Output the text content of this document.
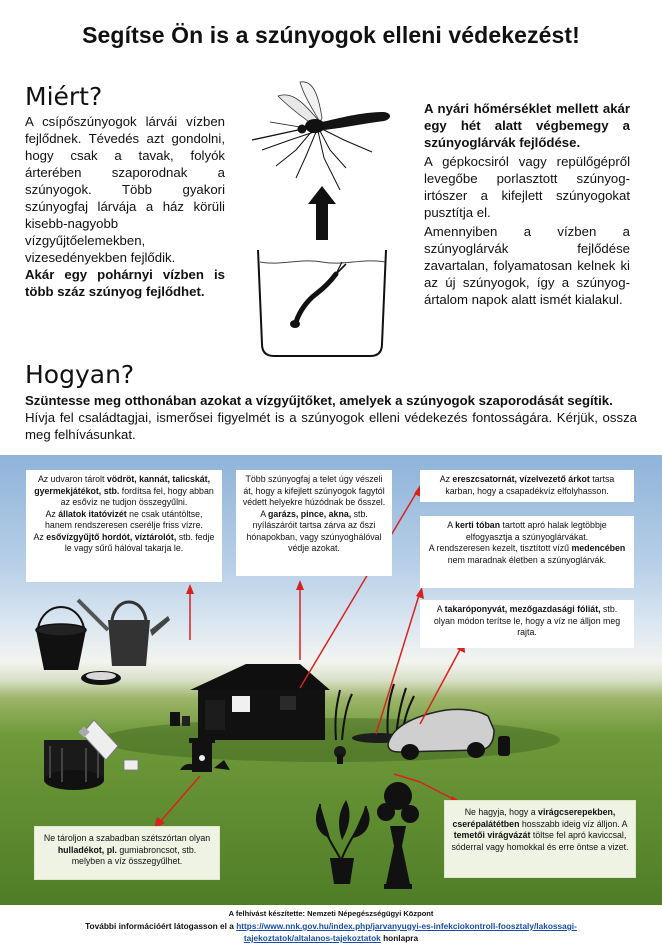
Segítse Ön is a szúnyogok elleni védekezést!
Miért?

A csípőszúnyogok lárvái vízben fejlődnek. Tévedés azt gondolni, hogy csak a tavak, folyók árterében szaporodnak a szúnyogok. Több gyakori szúnyogfaj lárvája a ház körüli kisebb-nagyobb vízgyűjtőelemekben, vizesedényekben fejlődik.

Akár egy pohárnyi vízben is több száz szúnyog fejlődhet.

A nyári hőmérséklet mellett akár egy hét alatt végbemegy a szúnyoglárvák fejlődése.

A gépkocsiról vagy repülőgépről levegőbe porlasztott szúnyog-irtószer a kifejlett szúnyogokat pusztítja el.

Amennyiben a vízben a szúnyoglárvák fejlődése zavartalan, folyamatosan kelnek ki az új szúnyogok, így a szúnyog-ártalom napok alatt ismét kialakul.

Hogyan?

Szüntesse meg otthonában azokat a vízgyűjtőket, amelyek a szúnyogok szaporodását segítik.

Hívja fel családtagjai, ismerősei figyelmét is a szúnyogok elleni védekezés fontosságára. Kérjük, ossza meg felhívásunkat.

Az udvaron tárolt vödröt, kannát, talicskát, gyermekjátékot, stb. fordítsa fel, hogy abban az esővíz ne tudjon összegyűlni.

Az állatok itatóvizét ne csak utántöltse, hanem rendszeresen cserélje friss vízre.

Az esővízgyűjtő hordót, víztárolót, stb. fedje le vagy sűrű hálóval takarja le.

Több szúnyogfaj a telet úgy vészeli át, hogy a kifejlett szúnyogok fagytól védett helyekre húzódnak be ősszel. A garázs, pince, akna, stb. nyílászáróit tartsa zárva az őszi hónapokban, vagy szúnyoghálóval védje azokat.

Az ereszcsatornát, vízelvezető árkot tartsa karban, hogy a csapadékvíz elfolyhasson.

A kerti tóban tartott apró halak legtöbbje elfogyasztja a szúnyoglárvákat.

A rendszeresen kezelt, tisztított vízű medencében nem maradnak életben a szúnyoglárvák.

A takaróponyvát, mezőgazdasági fóliát, stb. olyan módon terítse le, hogy a víz ne álljon meg rajta.

Ne tároljon a szabadban szétszórtan olyan hulladékot, pl. gumiabroncsot, stb. melyben a víz összegyűlhet.

Ne hagyja, hogy a virágcserepekben, cserépalátétben hosszabb ideig víz álljon. A temetői virágvázát töltse fel apró kaviccsal, sóderral vagy homokkal és erre öntse a vizet.

A felhívást készítette: Nemzeti Népegészségügyi Központ
További információért látogasson el a https://www.nnk.gov.hu/index.php/jarvanyugyi-es-infekciokontroll-foosztaly/lakossagi-
tajekoztatok/altalanos-tajekoztatok honlapra
